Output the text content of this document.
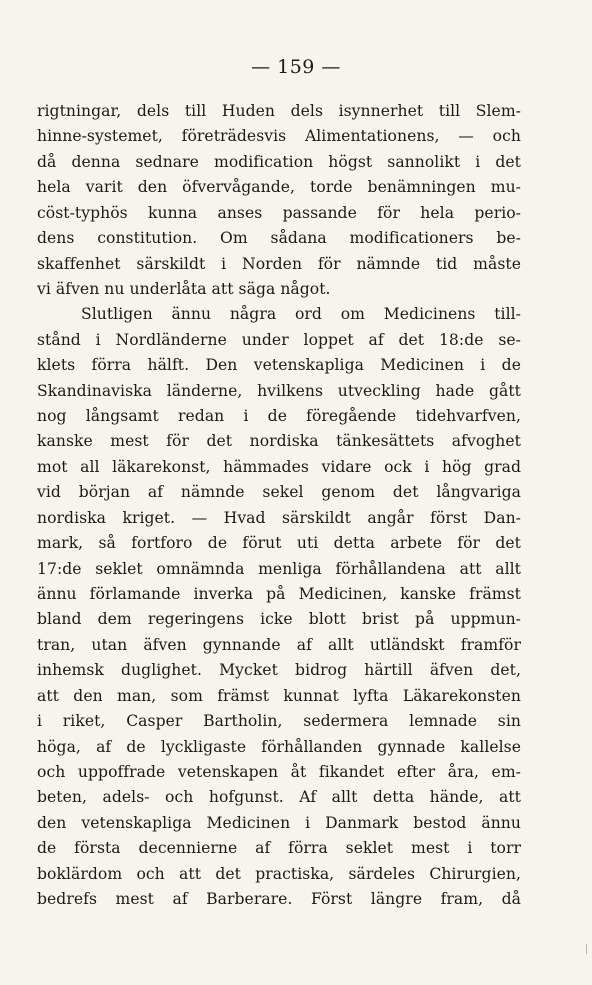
— 159 —
rigtningar, dels till Huden dels isynnerhet till Slem-
hinne-systemet, företrädesvis Alimentationens, — och
då denna sednare modification högst sannolikt i det
hela varit den öfvervågande, torde benämningen mu-
cöst-typhös kunna anses passande för hela perio-
dens constitution. Om sådana modificationers be-
skaffenhet särskildt i Norden för nämnde tid måste
vi äfven nu underlåta att säga något.
Slutligen ännu några ord om Medicinens till-
stånd i Nordländerne under loppet af det 18:de se-
klets förra hälft. Den vetenskapliga Medicinen i de
Skandinaviska länderne, hvilkens utveckling hade gått
nog långsamt redan i de föregående tidehvarfven,
kanske mest för det nordiska tänkesättets afvoghet
mot all läkarekonst, hämmades vidare ock i hög grad
vid början af nämnde sekel genom det långvariga
nordiska kriget. — Hvad särskildt angår först Dan-
mark, så fortforo de förut uti detta arbete för det
17:de seklet omnämnda menliga förhållandena att allt
ännu förlamande inverka på Medicinen, kanske främst
bland dem regeringens icke blott brist på uppmun-
tran, utan äfven gynnande af allt utländskt framför
inhemsk duglighet. Mycket bidrog härtill äfven det,
att den man, som främst kunnat lyfta Läkarekonsten
i riket, Casper Bartholin, sedermera lemnade sin
höga, af de lyckligaste förhållanden gynnade kallelse
och uppoffrade vetenskapen åt fikandet efter åra, em-
beten, adels- och hofgunst. Af allt detta hände, att
den vetenskapliga Medicinen i Danmark bestod ännu
de första decennierne af förra seklet mest i torr
boklärdom och att det practiska, särdeles Chirurgien,
bedrefs mest af Barberare. Först längre fram, då
